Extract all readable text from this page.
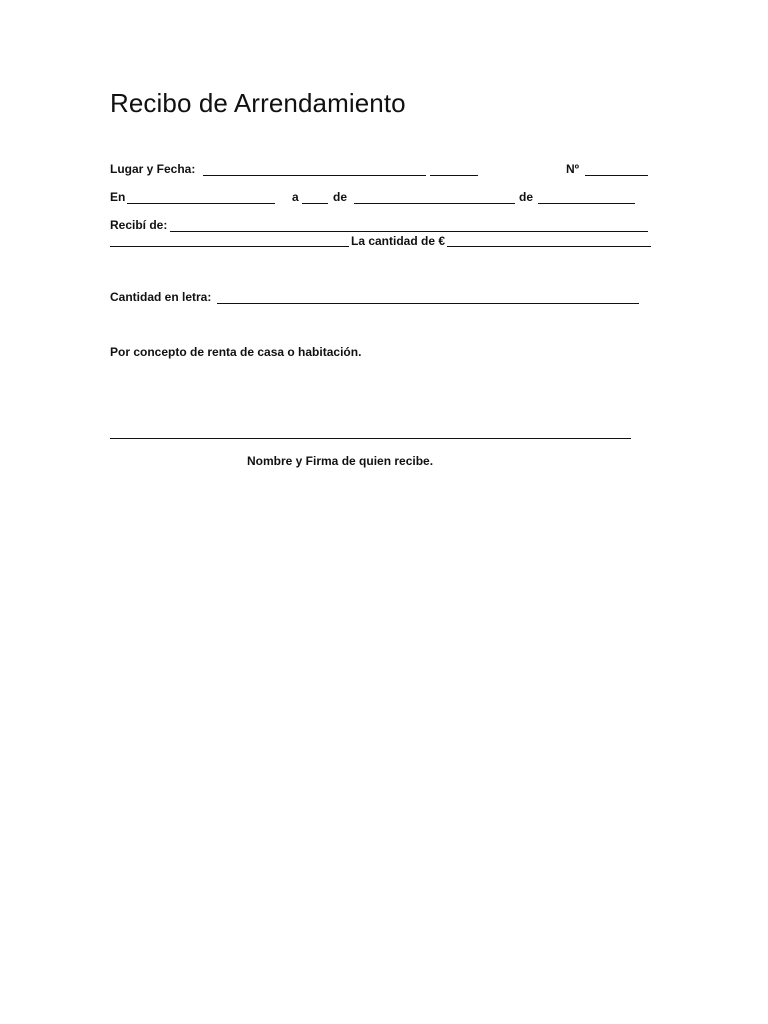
Recibo de Arrendamiento
Lugar y Fecha:	Nº
En	a	de	de
Recibí de:
La cantidad de €
Cantidad en letra:
Por concepto de renta de casa o habitación.
Nombre y Firma de quien recibe.
